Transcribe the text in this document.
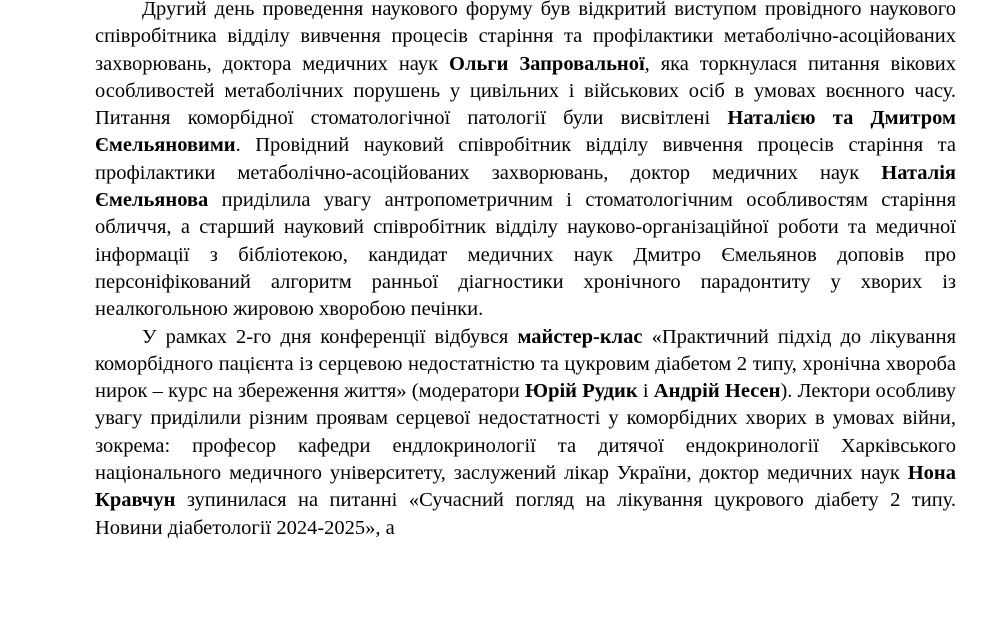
Другий день проведення наукового форуму був відкритий виступом провідного наукового співробітника відділу вивчення процесів старіння та профілактики метаболічно-асоційованих захворювань, доктора медичних наук Ольги Запровальної, яка торкнулася питання вікових особливостей метаболічних порушень у цивільних і військових осіб в умовах воєнного часу. Питання коморбідної стоматологічної патології були висвітлені Наталією та Дмитром Ємельяновими. Провідний науковий співробітник відділу вивчення процесів старіння та профілактики метаболічно-асоційованих захворювань, доктор медичних наук Наталія Ємельянова приділила увагу антропометричним і стоматологічним особливостям старіння обличчя, а старший науковий співробітник відділу науково-організаційної роботи та медичної інформації з бібліотекою, кандидат медичних наук Дмитро Ємельянов доповів про персоніфікований алгоритм ранньої діагностики хронічного парадонтиту у хворих із неалкогольною жировою хворобою печінки.

У рамках 2-го дня конференції відбувся майстер-клас «Практичний підхід до лікування коморбідного пацієнта із серцевою недостатністю та цукровим діабетом 2 типу, хронічна хвороба нирок – курс на збереження життя» (модератори Юрій Рудик і Андрій Несен). Лектори особливу увагу приділили різним проявам серцевої недостатності у коморбідних хворих в умовах війни, зокрема: професор кафедри ендлокринології та дитячої ендокринології Харківського національного медичного університету, заслужений лікар України, доктор медичних наук Нона Кравчун зупинилася на питанні «Сучасний погляд на лікування цукрового діабету 2 типу. Новини діабетології 2024-2025», а
